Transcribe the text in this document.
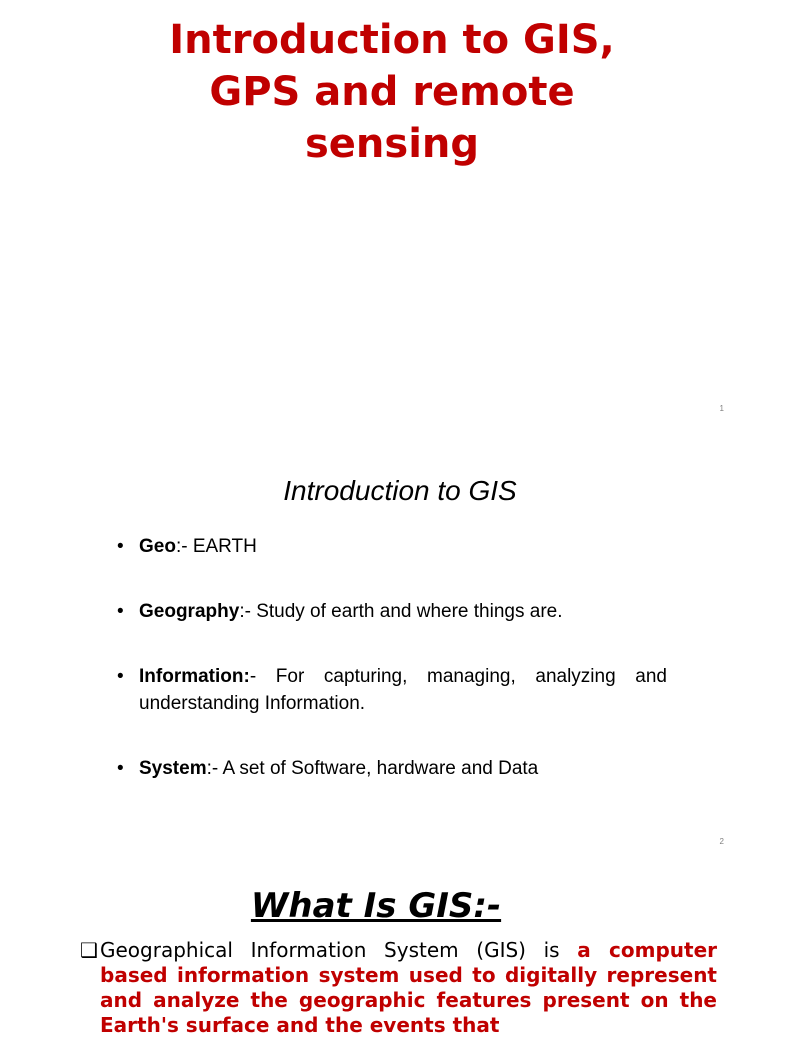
Introduction to GIS,
GPS and remote
sensing
1
Introduction to GIS
• Geo:- EARTH
• Geography:- Study of earth and where things are.
• Information:- For capturing, managing, analyzing and understanding Information.
• System:- A set of Software, hardware and Data
2
What Is GIS:-
❑ Geographical Information System (GIS) is a computer based information system used to digitally represent and analyze the geographic features present on the Earth's surface and the events that
